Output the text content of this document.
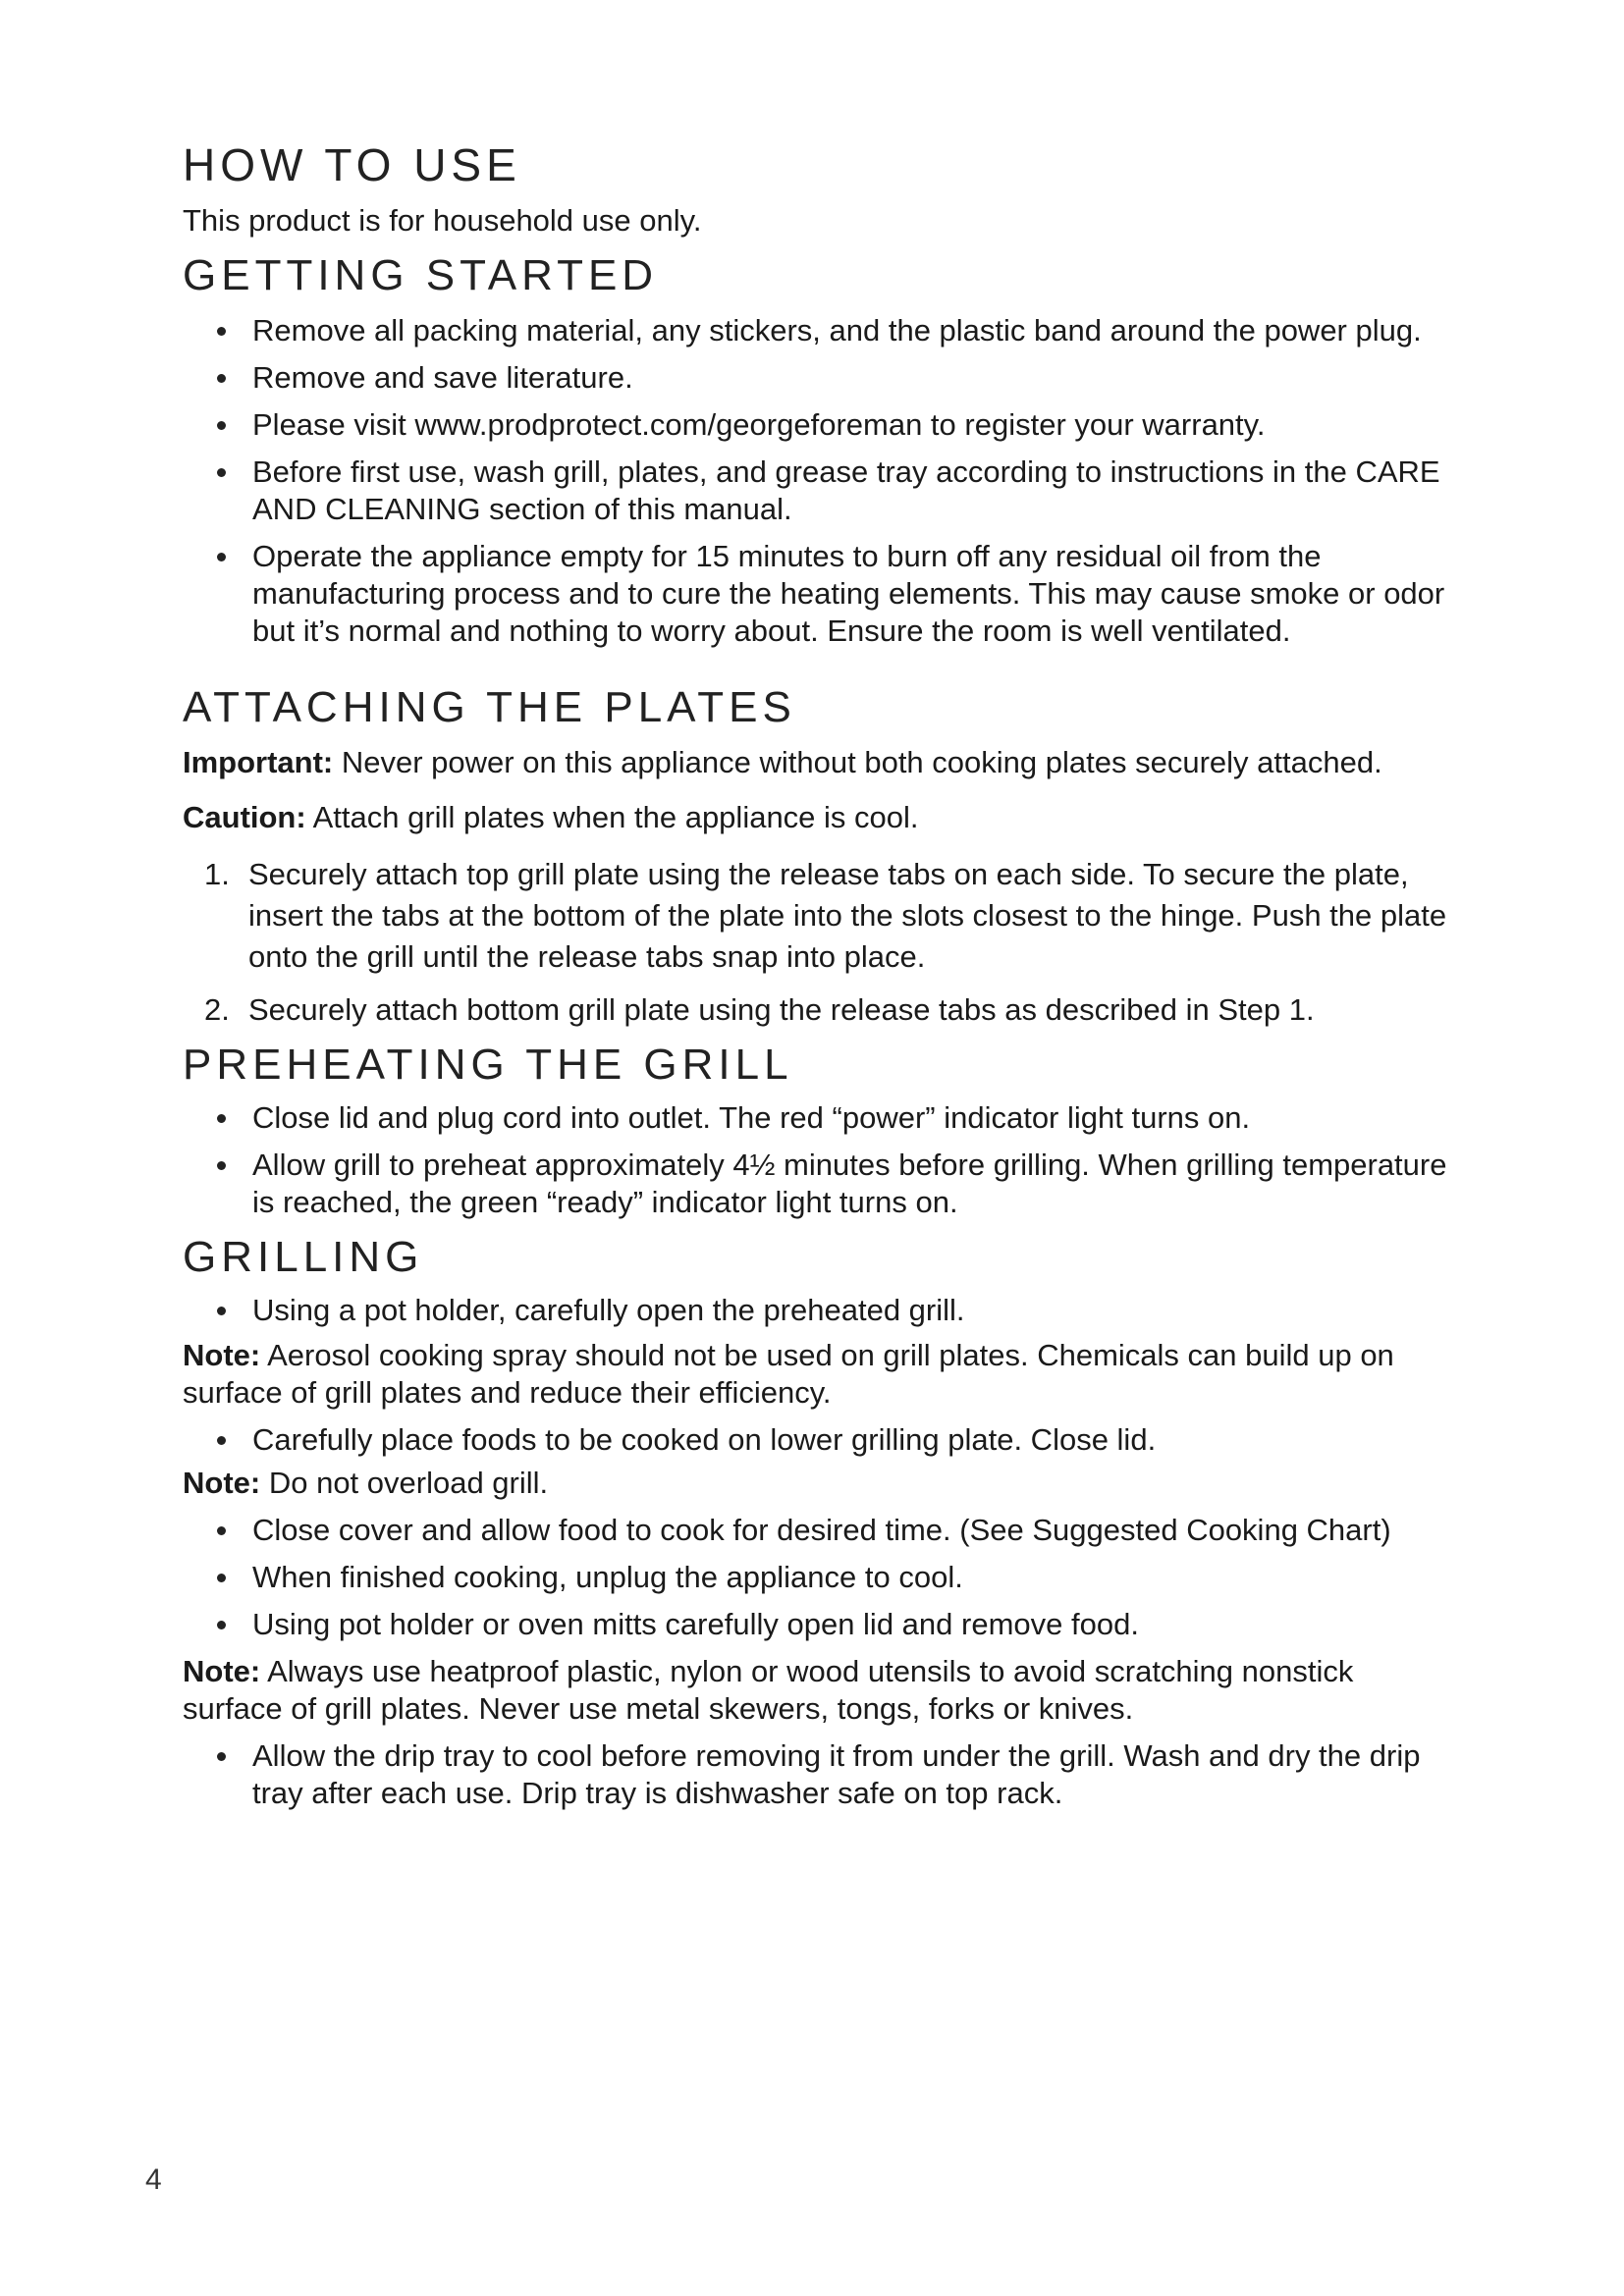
HOW TO USE

This product is for household use only.

GETTING STARTED
Remove all packing material, any stickers, and the plastic band around the power plug.
Remove and save literature.
Please visit www.prodprotect.com/georgeforeman to register your warranty.
Before first use, wash grill, plates, and grease tray according to instructions in the CARE AND CLEANING section of this manual.
Operate the appliance empty for 15 minutes to burn off any residual oil from the manufacturing process and to cure the heating elements. This may cause smoke or odor but it’s normal and nothing to worry about. Ensure the room is well ventilated.
ATTACHING THE PLATES

Important: Never power on this appliance without both cooking plates securely attached.

Caution: Attach grill plates when the appliance is cool.

1. Securely attach top grill plate using the release tabs on each side. To secure the plate, insert the tabs at the bottom of the plate into the slots closest to the hinge. Push the plate onto the grill until the release tabs snap into place.
2. Securely attach bottom grill plate using the release tabs as described in Step 1.
PREHEATING THE GRILL
Close lid and plug cord into outlet. The red “power” indicator light turns on.
Allow grill to preheat approximately 4½ minutes before grilling. When grilling temperature is reached, the green “ready” indicator light turns on.
GRILLING
Using a pot holder, carefully open the preheated grill.

Note: Aerosol cooking spray should not be used on grill plates. Chemicals can build up on surface of grill plates and reduce their efficiency.

Carefully place foods to be cooked on lower grilling plate. Close lid.

Note: Do not overload grill.

Close cover and allow food to cook for desired time. (See Suggested Cooking Chart)
When finished cooking, unplug the appliance to cool.
Using pot holder or oven mitts carefully open lid and remove food.

Note: Always use heatproof plastic, nylon or wood utensils to avoid scratching nonstick surface of grill plates. Never use metal skewers, tongs, forks or knives.

Allow the drip tray to cool before removing it from under the grill. Wash and dry the drip tray after each use. Drip tray is dishwasher safe on top rack.
4
